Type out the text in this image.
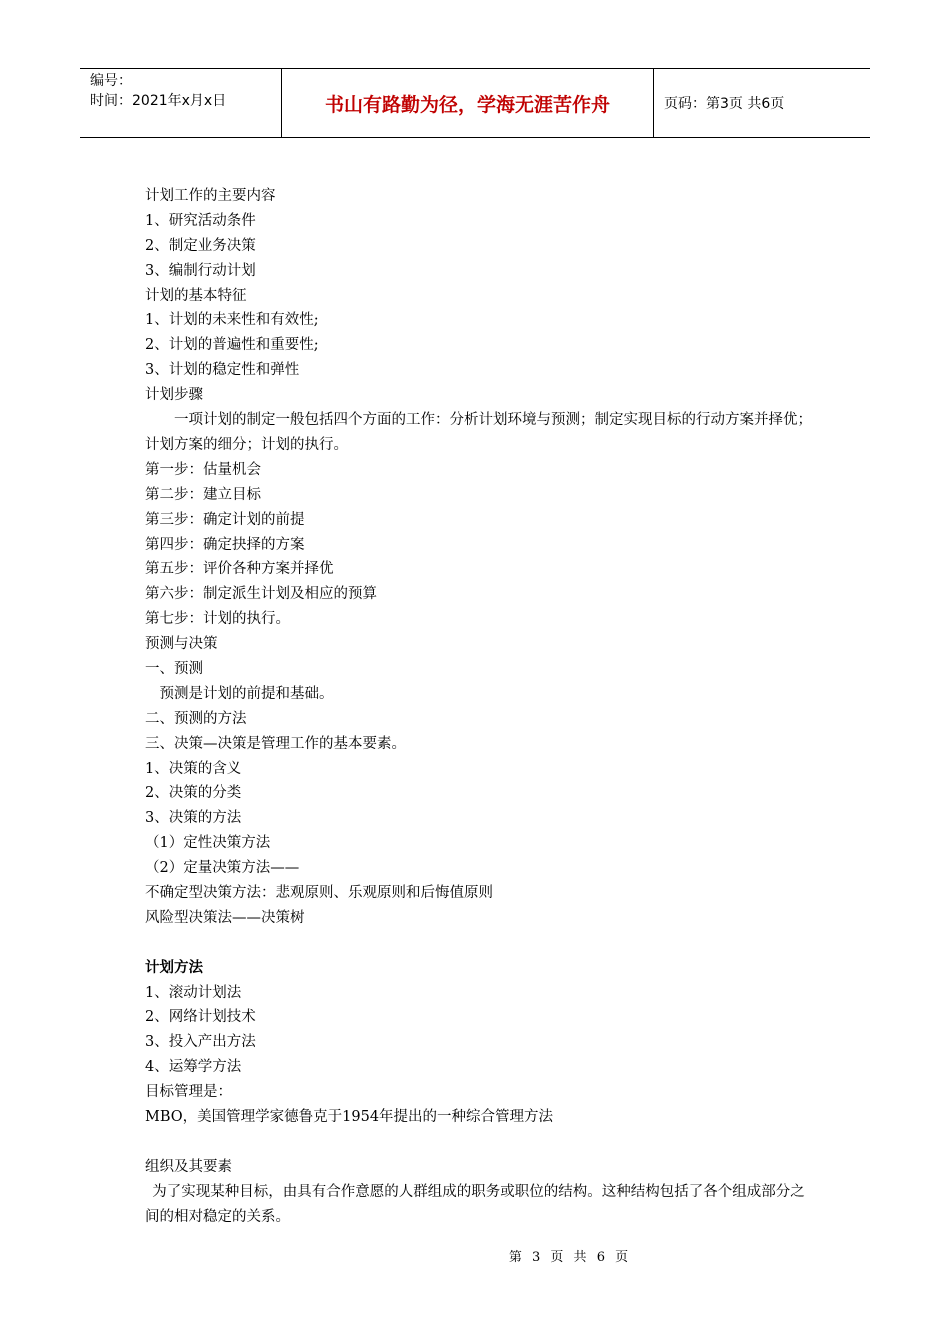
编号：
时间：2021年x月x日	书山有路勤为径，学海无涯苦作舟	页码：第3页 共6页
计划工作的主要内容
1、研究活动条件
2、制定业务决策
3、编制行动计划
计划的基本特征
1、计划的未来性和有效性;
2、计划的普遍性和重要性;
3、计划的稳定性和弹性
计划步骤
一项计划的制定一般包括四个方面的工作：分析计划环境与预测；制定实现目标的行动方案并择优；计划方案的细分；计划的执行。
第一步：估量机会
第二步：建立目标
第三步：确定计划的前提
第四步：确定抉择的方案
第五步：评价各种方案并择优
第六步：制定派生计划及相应的预算
第七步：计划的执行。
预测与决策
一、预测
预测是计划的前提和基础。
二、预测的方法
三、决策—决策是管理工作的基本要素。
1、决策的含义
2、决策的分类
3、决策的方法
（1）定性决策方法
（2）定量决策方法——
不确定型决策方法：悲观原则、乐观原则和后悔值原则
风险型决策法——决策树
计划方法
1、滚动计划法
2、网络计划技术
3、投入产出方法
4、运筹学方法
目标管理是：
MBO，美国管理学家德鲁克于1954年提出的一种综合管理方法
组织及其要素
为了实现某种目标，由具有合作意愿的人群组成的职务或职位的结构。这种结构包括了各个组成部分之间的相对稳定的关系。
第 3 页 共 6 页
